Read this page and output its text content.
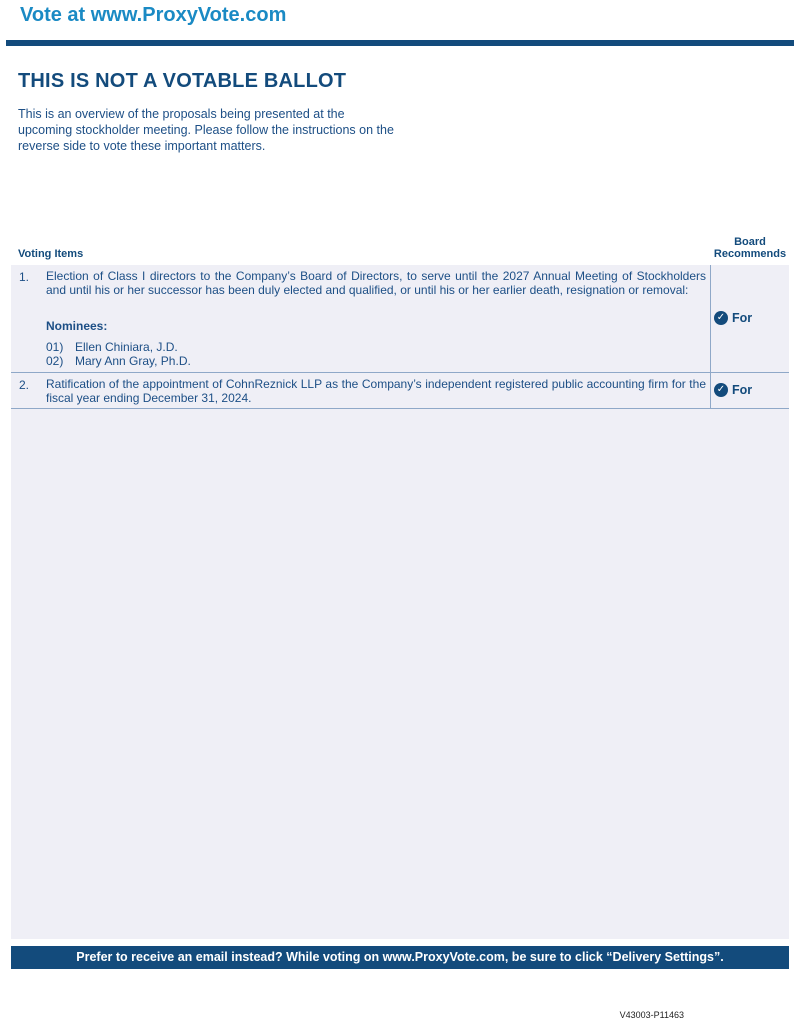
Vote at www.ProxyVote.com
THIS IS NOT A VOTABLE BALLOT
This is an overview of the proposals being presented at the upcoming stockholder meeting. Please follow the instructions on the reverse side to vote these important matters.
Voting Items
Board
Recommends
1. Election of Class I directors to the Company’s Board of Directors, to serve until the 2027 Annual Meeting of Stockholders and until his or her successor has been duly elected and qualified, or until his or her earlier death, resignation or removal:
Nominees:
01) Ellen Chiniara, J.D.
02) Mary Ann Gray, Ph.D.
✓ For
2. Ratification of the appointment of CohnReznick LLP as the Company’s independent registered public accounting firm for the fiscal year ending December 31, 2024.
✓ For
Prefer to receive an email instead? While voting on www.ProxyVote.com, be sure to click “Delivery Settings”.
V43003-P11463
